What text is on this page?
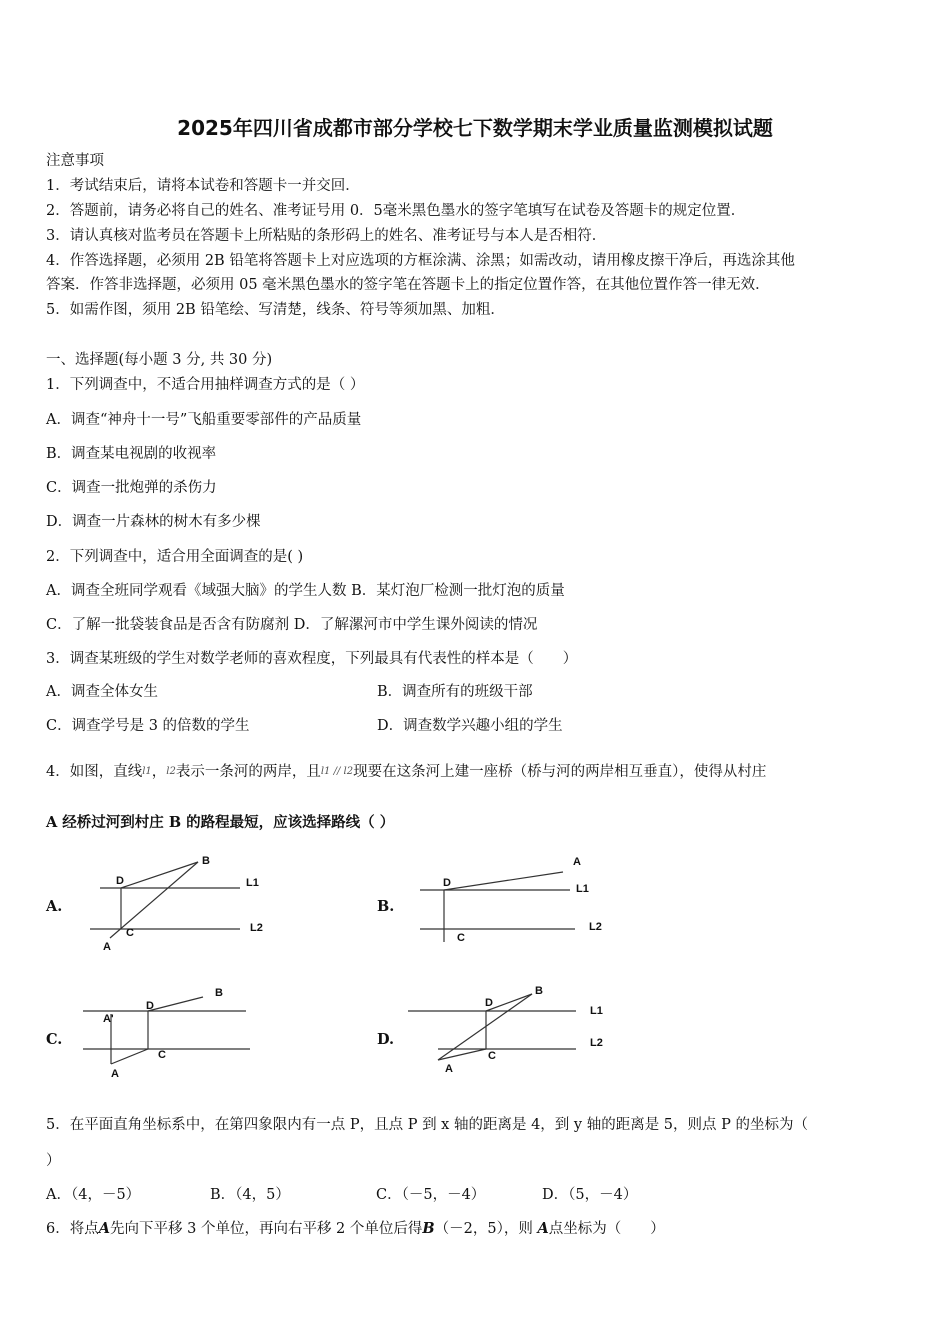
2025年四川省成都市部分学校七下数学期末学业质量监测模拟试题
注意事项
1．考试结束后，请将本试卷和答题卡一并交回．
2．答题前，请务必将自己的姓名、准考证号用 0．5毫米黑色墨水的签字笔填写在试卷及答题卡的规定位置．
3．请认真核对监考员在答题卡上所粘贴的条形码上的姓名、准考证号与本人是否相符．
4．作答选择题，必须用 2B 铅笔将答题卡上对应选项的方框涂满、涂黑；如需改动，请用橡皮擦干净后，再选涂其他
答案．作答非选择题，必须用 05 毫米黑色墨水的签字笔在答题卡上的指定位置作答，在其他位置作答一律无效．
5．如需作图，须用 2B 铅笔绘、写清楚，线条、符号等须加黑、加粗．
一、选择题(每小题 3 分, 共 30 分)
1．下列调查中，不适合用抽样调查方式的是（ ）
A．调查“神舟十一号”飞船重要零部件的产品质量
B．调查某电视剧的收视率
C．调查一批炮弹的杀伤力
D．调查一片森林的树木有多少棵
2．下列调查中，适合用全面调查的是( )
A．调查全班同学观看《域强大脑》的学生人数 B．某灯泡厂检测一批灯泡的质量
C．了解一批袋装食品是否含有防腐剂 D．了解漯河市中学生课外阅读的情况
3．调查某班级的学生对数学老师的喜欢程度，下列最具有代表性的样本是（　　）
A．调查全体女生	B．调查所有的班级干部
C．调查学号是 3 的倍数的学生	D．调查数学兴趣小组的学生
4．如图，直线$^{l1}$，$^{l2}$表示一条河的两岸，且$^{l1 // l2}$现要在这条河上建一座桥（桥与河的两岸相互垂直），使得从村庄
A 经桥过河到村庄 B 的路程最短，应该选择路线（ ）
A.	B.
C.	D.
B
D
C
A
L1
L2
A
D
C
L1
L2
B
D
A'
C
A
B
D
C
A
L1
L2
5．在平面直角坐标系中，在第四象限内有一点 P，且点 P 到 x 轴的距离是 4，到 y 轴的距离是 5，则点 P 的坐标为（
）
A．（4，－5）	B．（4，5）	C．（－5，－4）	D．（5，－4）
6．将点A先向下平移 3 个单位，再向右平移 2 个单位后得B（－2，5），则 A点坐标为（　　）
